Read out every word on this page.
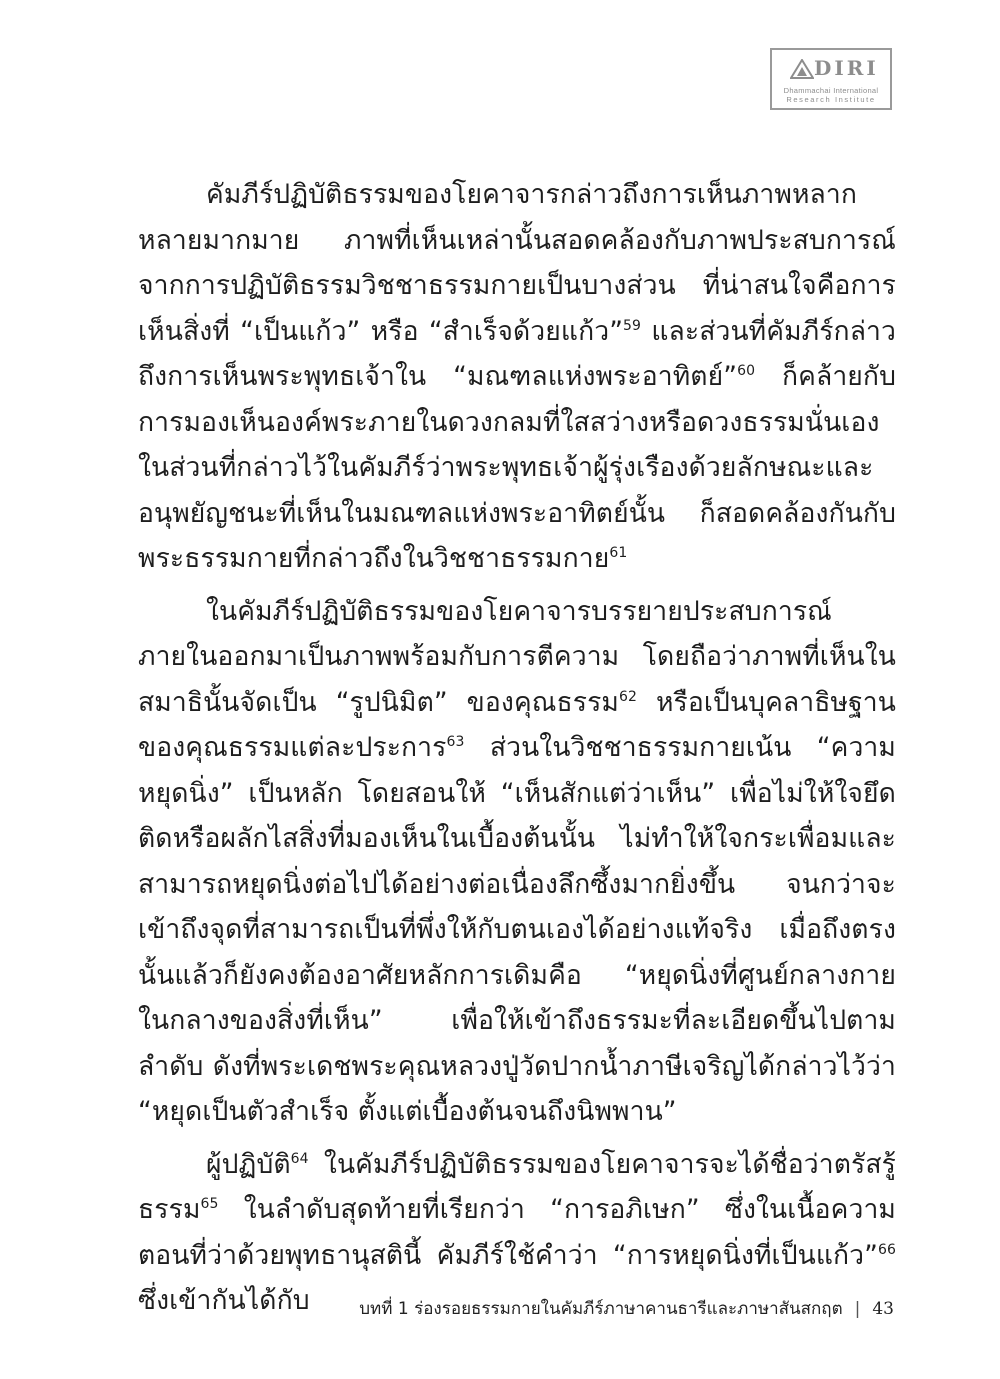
DIRI
Dhammachai International
Research Institute

คัมภีร์ปฏิบัติธรรมของโยคาจารกล่าวถึงการเห็นภาพหลากหลายมากมาย ภาพที่เห็นเหล่านั้นสอดคล้องกับภาพประสบการณ์จากการปฏิบัติธรรมวิชชาธรรมกายเป็นบางส่วน ที่น่าสนใจคือการเห็นสิ่งที่ “เป็นแก้ว” หรือ “สำเร็จด้วยแก้ว”$^{59}$ และส่วนที่คัมภีร์กล่าวถึงการเห็นพระพุทธเจ้าใน “มณฑลแห่งพระอาทิตย์”$^{60}$ ก็คล้ายกับการมองเห็นองค์พระภายในดวงกลมที่ใสสว่างหรือดวงธรรมนั่นเอง ในส่วนที่กล่าวไว้ในคัมภีร์ว่าพระพุทธเจ้าผู้รุ่งเรืองด้วยลักษณะและอนุพยัญชนะที่เห็นในมณฑลแห่งพระอาทิตย์นั้น ก็สอดคล้องกันกับพระธรรมกายที่กล่าวถึงในวิชชาธรรมกาย$^{61}$

ในคัมภีร์ปฏิบัติธรรมของโยคาจารบรรยายประสบการณ์ภายในออกมาเป็นภาพพร้อมกับการตีความ โดยถือว่าภาพที่เห็นในสมาธินั้นจัดเป็น “รูปนิมิต” ของคุณธรรม$^{62}$ หรือเป็นบุคลาธิษฐานของคุณธรรมแต่ละประการ$^{63}$ ส่วนในวิชชาธรรมกายเน้น “ความหยุดนิ่ง” เป็นหลัก โดยสอนให้ “เห็นสักแต่ว่าเห็น” เพื่อไม่ให้ใจยึดติดหรือผลักไสสิ่งที่มองเห็นในเบื้องต้นนั้น ไม่ทำให้ใจกระเพื่อมและสามารถหยุดนิ่งต่อไปได้อย่างต่อเนื่องลึกซึ้งมากยิ่งขึ้น จนกว่าจะเข้าถึงจุดที่สามารถเป็นที่พึ่งให้กับตนเองได้อย่างแท้จริง เมื่อถึงตรงนั้นแล้วก็ยังคงต้องอาศัยหลักการเดิมคือ “หยุดนิ่งที่ศูนย์กลางกาย ในกลางของสิ่งที่เห็น” เพื่อให้เข้าถึงธรรมะที่ละเอียดขึ้นไปตามลำดับ ดังที่พระเดชพระคุณหลวงปู่วัดปากน้ำภาษีเจริญได้กล่าวไว้ว่า “หยุดเป็นตัวสำเร็จ ตั้งแต่เบื้องต้นจนถึงนิพพาน”

ผู้ปฏิบัติ$^{64}$ ในคัมภีร์ปฏิบัติธรรมของโยคาจารจะได้ชื่อว่าตรัสรู้ธรรม$^{65}$ ในลำดับสุดท้ายที่เรียกว่า “การอภิเษก” ซึ่งในเนื้อความตอนที่ว่าด้วยพุทธานุสตินี้ คัมภีร์ใช้คำว่า “การหยุดนิ่งที่เป็นแก้ว”$^{66}$ ซึ่งเข้ากันได้กับ	บทที่ 1 ร่องรอยธรรมกายในคัมภีร์ภาษาคานธารีและภาษาสันสกฤต | 43
